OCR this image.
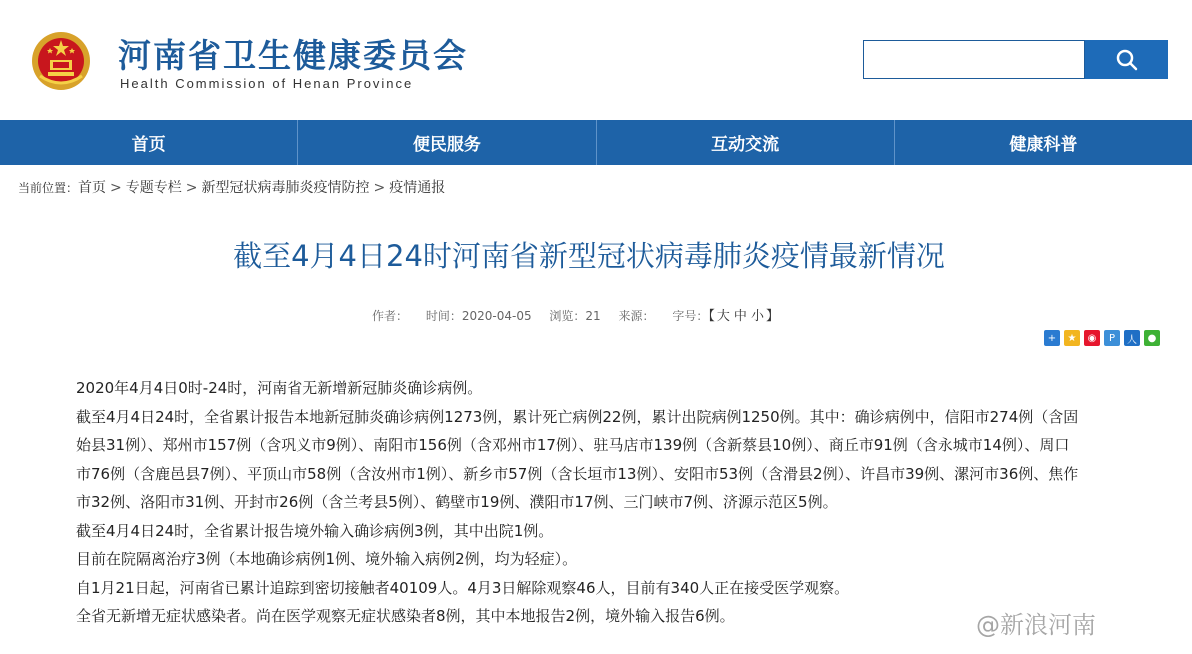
河南省卫生健康委员会
Health Commission of Henan Province
首页	便民服务	互动交流	健康科普
当前位置：首页 > 专题专栏 > 新型冠状病毒肺炎疫情防控 > 疫情通报
截至4月4日24时河南省新型冠状病毒肺炎疫情最新情况
作者： 时间：2020-04-05 浏览：21 来源： 字号：【 大 中 小 】
+	★	◉	P	人	●

2020年4月4日0时-24时，河南省无新增新冠肺炎确诊病例。

截至4月4日24时，全省累计报告本地新冠肺炎确诊病例1273例，累计死亡病例22例，累计出院病例1250例。其中：确诊病例中，信阳市274例（含固

始县31例）、郑州市157例（含巩义市9例）、南阳市156例（含邓州市17例）、驻马店市139例（含新蔡县10例）、商丘市91例（含永城市14例）、周口

市76例（含鹿邑县7例）、平顶山市58例（含汝州市1例）、新乡市57例（含长垣市13例）、安阳市53例（含滑县2例）、许昌市39例、漯河市36例、焦作

市32例、洛阳市31例、开封市26例（含兰考县5例）、鹤壁市19例、濮阳市17例、三门峡市7例、济源示范区5例。

截至4月4日24时，全省累计报告境外输入确诊病例3例，其中出院1例。

目前在院隔离治疗3例（本地确诊病例1例、境外输入病例2例，均为轻症）。

自1月21日起，河南省已累计追踪到密切接触者40109人。4月3日解除观察46人，目前有340人正在接受医学观察。

全省无新增无症状感染者。尚在医学观察无症状感染者8例，其中本地报告2例，境外输入报告6例。	@新浪河南
